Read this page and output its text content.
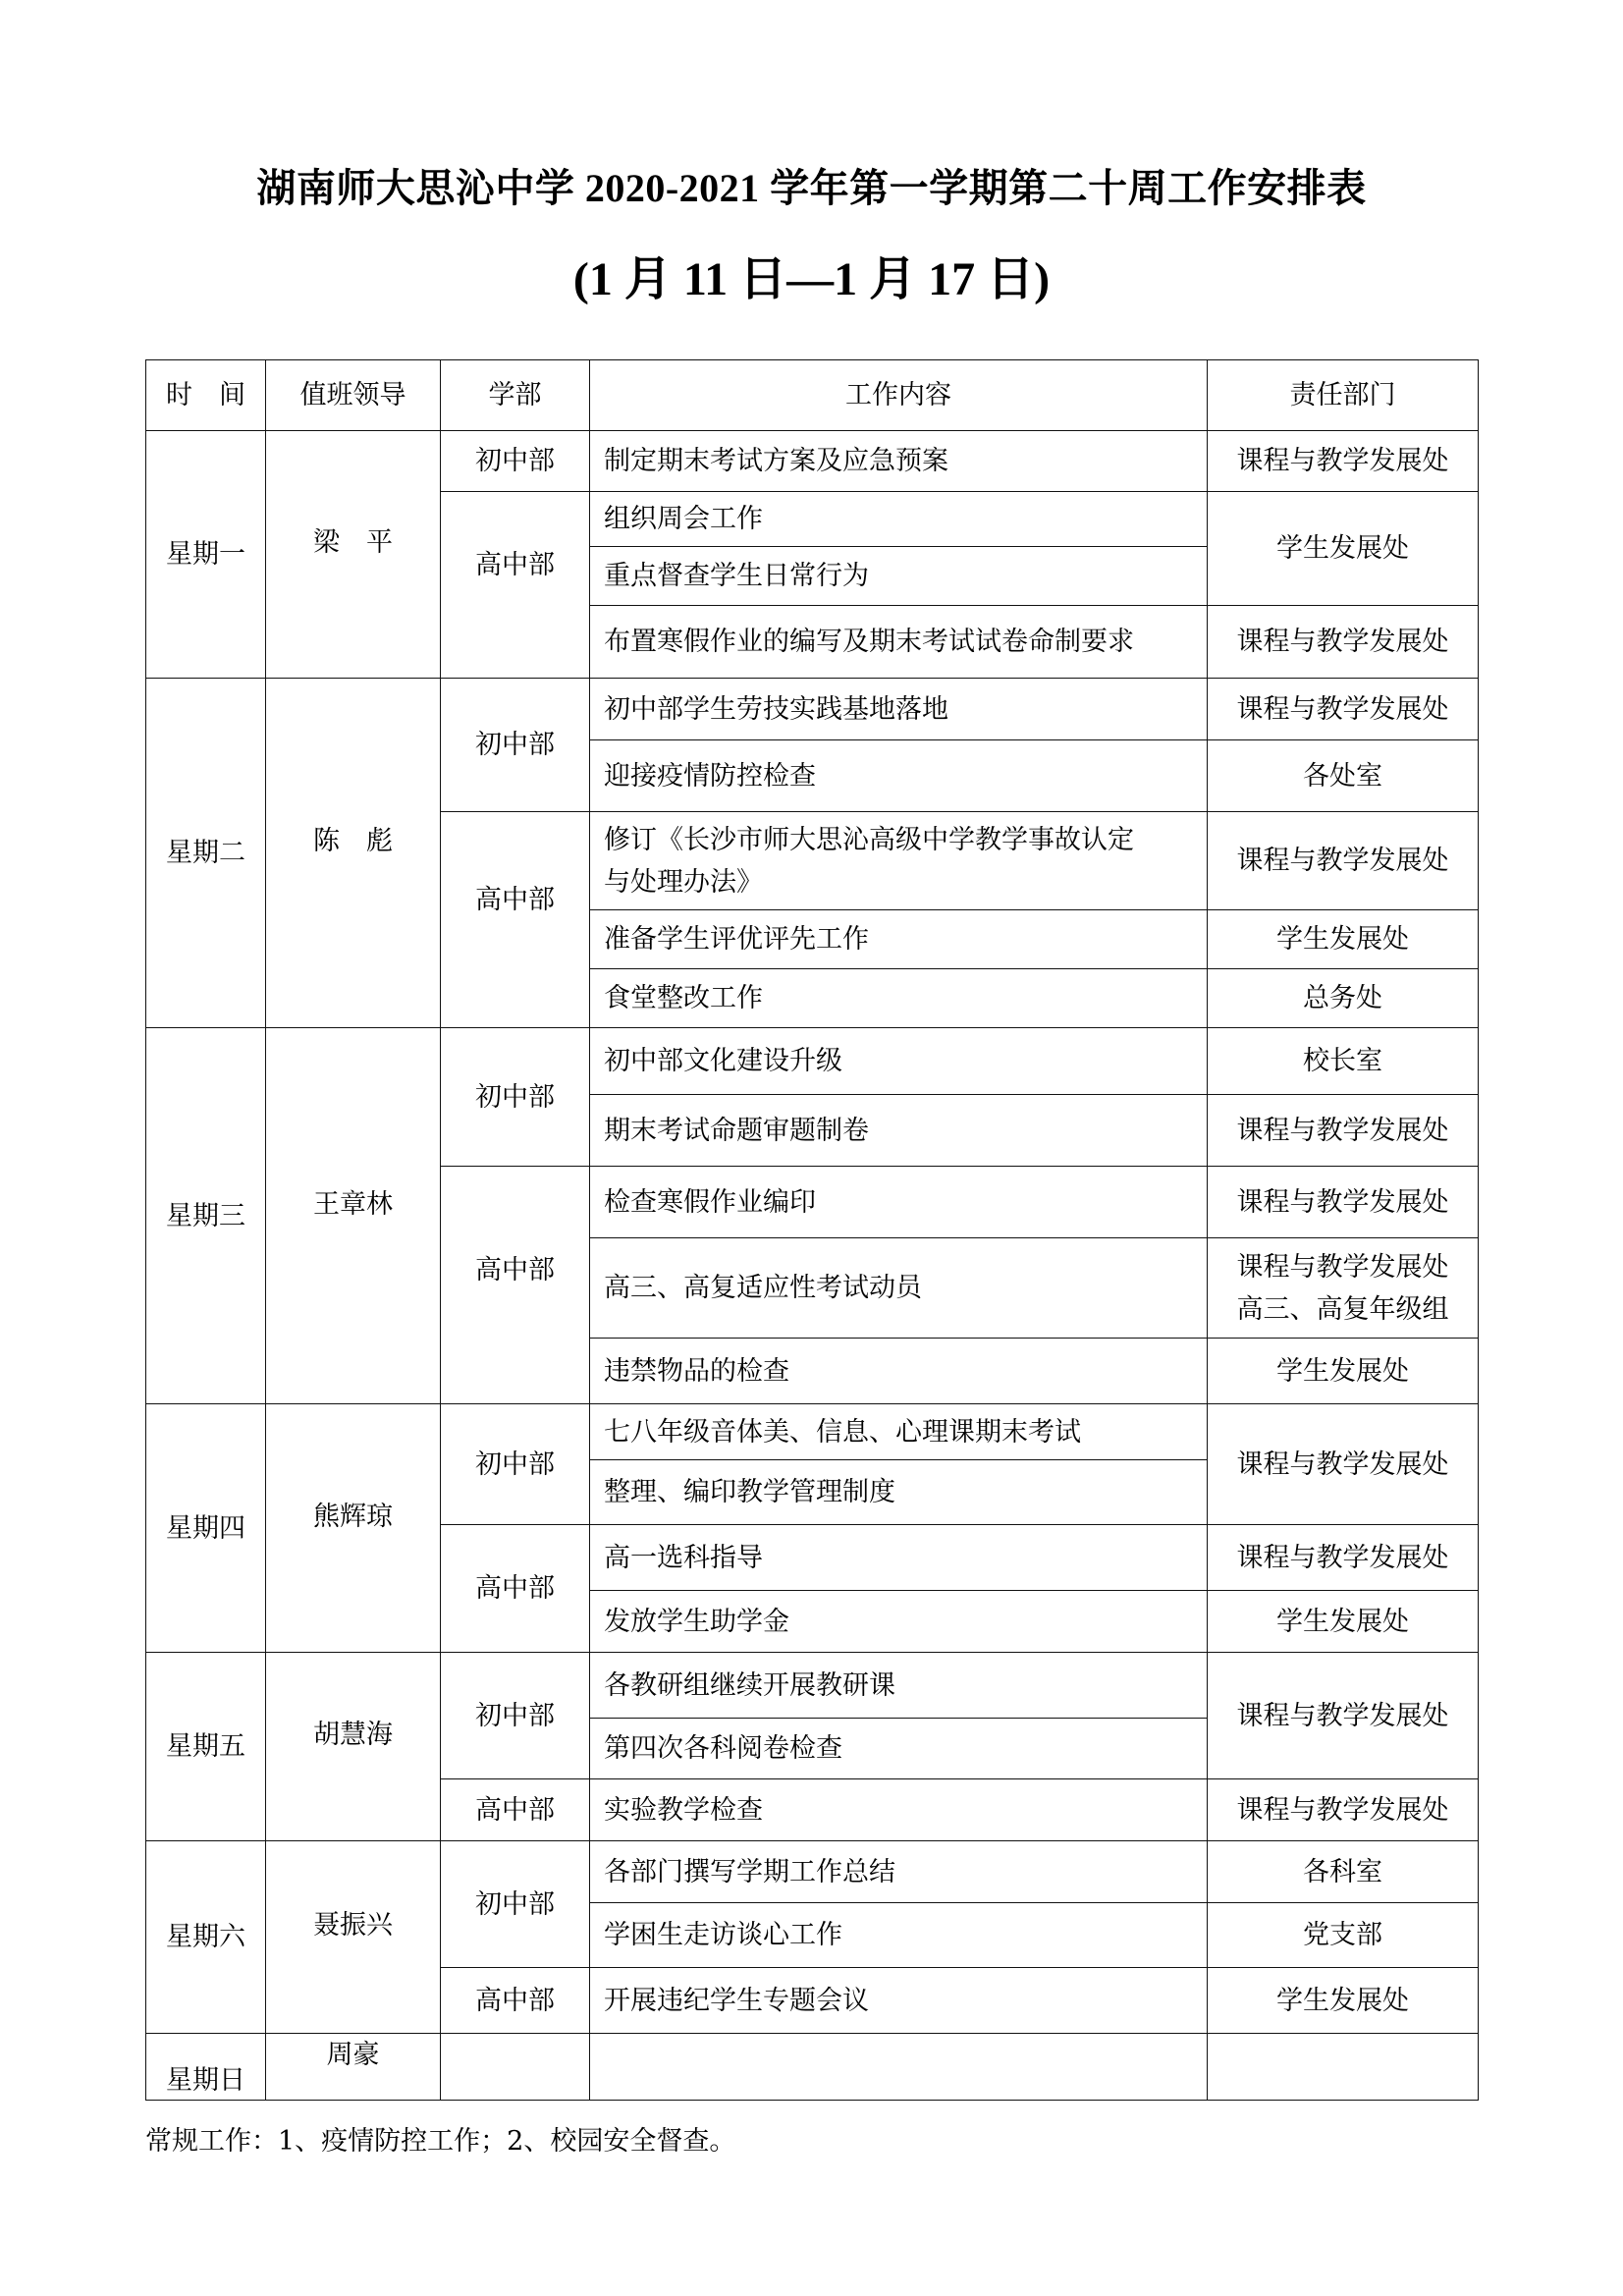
湖南师大思沁中学 2020-2021 学年第一学期第二十周工作安排表
(1 月 11 日—1 月 17 日)
时　间	值班领导	学部	工作内容	责任部门
星期一	梁　平	初中部	制定期末考试方案及应急预案	课程与教学发展处

		高中部	组织周会工作	学生发展处
			重点督查学生日常行为	
			布置寒假作业的编写及期末考试试卷命制要求	课程与教学发展处
星期二	陈　彪	初中部	初中部学生劳技实践基地落地	课程与教学发展处
			迎接疫情防控检查	各处室

		高中部	修订《长沙市师大思沁高级中学教学事故认定
与处理办法》	课程与教学发展处
			准备学生评优评先工作	学生发展处
			食堂整改工作	总务处
星期三	王章林	初中部	初中部文化建设升级	校长室
			期末考试命题审题制卷	课程与教学发展处

		高中部	检查寒假作业编印	课程与教学发展处
			高三、高复适应性考试动员	课程与教学发展处
高三、高复年级组

			违禁物品的检查	学生发展处
星期四	熊辉琼	初中部	七八年级音体美、信息、心理课期末考试	课程与教学发展处
			整理、编印教学管理制度	
		高中部	高一选科指导	课程与教学发展处
			发放学生助学金	学生发展处
星期五	胡慧海	初中部	各教研组继续开展教研课	课程与教学发展处
			第四次各科阅卷检查	
		高中部	实验教学检查	课程与教学发展处
星期六	聂振兴	初中部	各部门撰写学期工作总结	各科室
			学困生走访谈心工作	党支部
		高中部	开展违纪学生专题会议	学生发展处

星期日	周豪			

常规工作：1、疫情防控工作；2、校园安全督查。
